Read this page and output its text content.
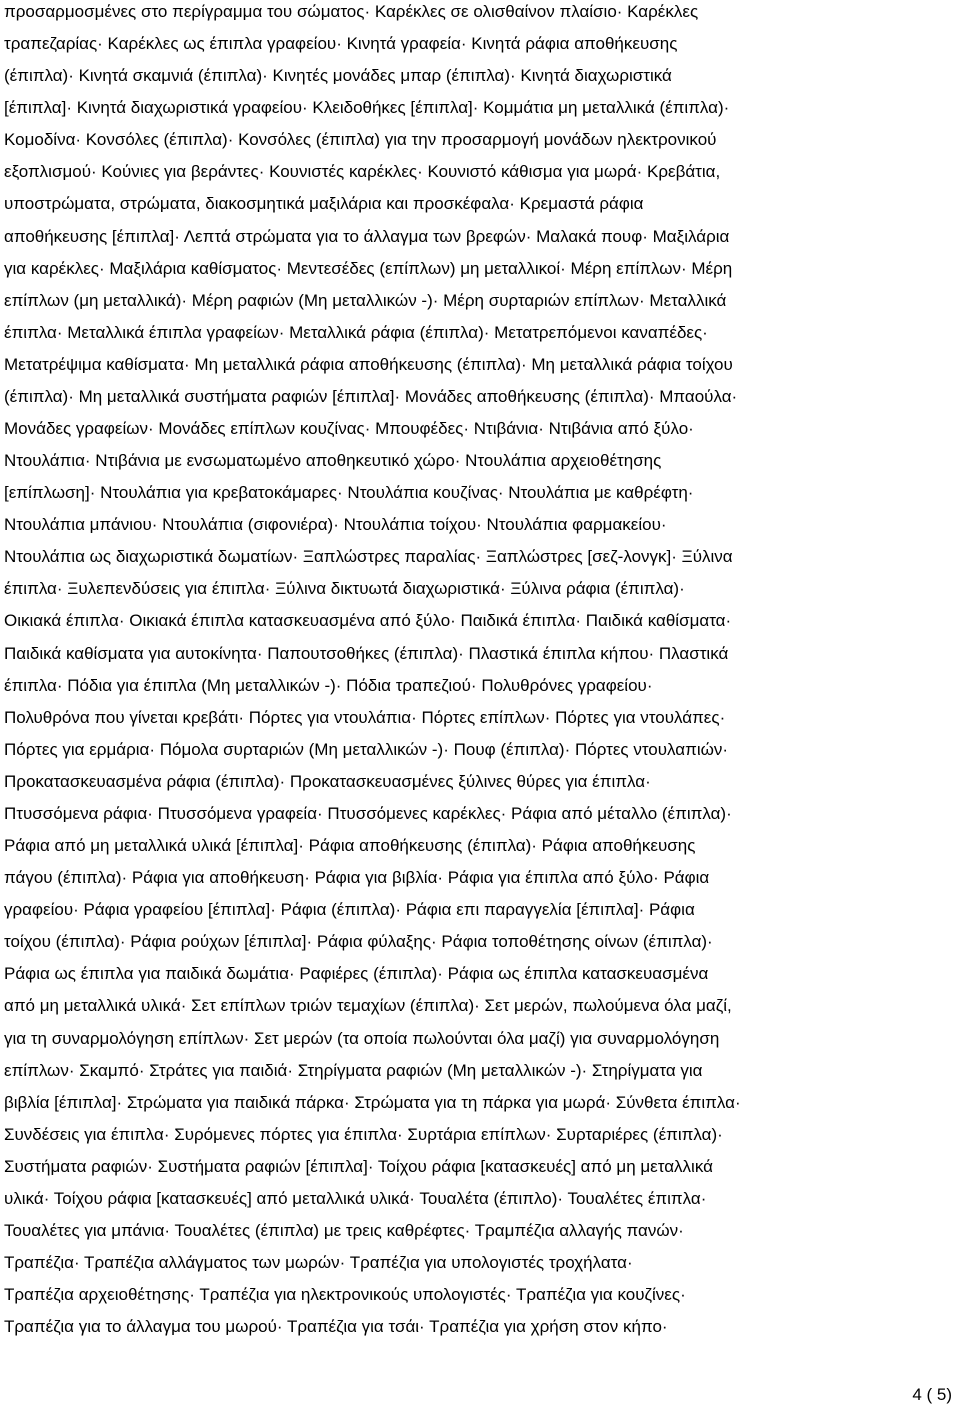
προσαρμοσμένες στο περίγραμμα του σώματος· Καρέκλες σε ολισθαίνον πλαίσιο· Καρέκλες
τραπεζαρίας· Καρέκλες ως έπιπλα γραφείου· Κινητά γραφεία· Κινητά ράφια αποθήκευσης
(έπιπλα)· Κινητά σκαμνιά (έπιπλα)· Κινητές μονάδες μπαρ (έπιπλα)· Κινητά διαχωριστικά
[έπιπλα]· Κινητά διαχωριστικά γραφείου· Κλειδοθήκες [έπιπλα]· Κομμάτια μη μεταλλικά (έπιπλα)·
Κομοδίνα· Κονσόλες (έπιπλα)· Κονσόλες (έπιπλα) για την προσαρμογή μονάδων ηλεκτρονικού
εξοπλισμού· Κούνιες για βεράντες· Κουνιστές καρέκλες· Κουνιστό κάθισμα για μωρά· Κρεβάτια,
υποστρώματα, στρώματα, διακοσμητικά μαξιλάρια και προσκέφαλα· Κρεμαστά ράφια
αποθήκευσης [έπιπλα]· Λεπτά στρώματα για το άλλαγμα των βρεφών· Μαλακά πουφ· Μαξιλάρια
για καρέκλες· Μαξιλάρια καθίσματος· Μεντεσέδες (επίπλων) μη μεταλλικοί· Μέρη επίπλων· Μέρη
επίπλων (μη μεταλλικά)· Μέρη ραφιών (Μη μεταλλικών -)· Μέρη συρταριών επίπλων· Μεταλλικά
έπιπλα· Μεταλλικά έπιπλα γραφείων· Μεταλλικά ράφια (έπιπλα)· Μετατρεπόμενοι καναπέδες·
Μετατρέψιμα καθίσματα· Μη μεταλλικά ράφια αποθήκευσης (έπιπλα)· Μη μεταλλικά ράφια τοίχου
(έπιπλα)· Μη μεταλλικά συστήματα ραφιών [έπιπλα]· Μονάδες αποθήκευσης (έπιπλα)· Μπαούλα·
Μονάδες γραφείων· Μονάδες επίπλων κουζίνας· Μπουφέδες· Ντιβάνια· Ντιβάνια από ξύλο·
Ντουλάπια· Ντιβάνια με ενσωματωμένο αποθηκευτικό χώρο· Ντουλάπια αρχειοθέτησης
[επίπλωση]· Ντουλάπια για κρεβατοκάμαρες· Ντουλάπια κουζίνας· Ντουλάπια με καθρέφτη·
Ντουλάπια μπάνιου· Ντουλάπια (σιφονιέρα)· Ντουλάπια τοίχου· Ντουλάπια φαρμακείου·
Ντουλάπια ως διαχωριστικά δωματίων· Ξαπλώστρες παραλίας· Ξαπλώστρες [σεζ-λονγκ]· Ξύλινα
έπιπλα· Ξυλεπενδύσεις για έπιπλα· Ξύλινα δικτυωτά διαχωριστικά· Ξύλινα ράφια (έπιπλα)·
Οικιακά έπιπλα· Οικιακά έπιπλα κατασκευασμένα από ξύλο· Παιδικά έπιπλα· Παιδικά καθίσματα·
Παιδικά καθίσματα για αυτοκίνητα· Παπουτσοθήκες (έπιπλα)· Πλαστικά έπιπλα κήπου· Πλαστικά
έπιπλα· Πόδια για έπιπλα (Μη μεταλλικών -)· Πόδια τραπεζιού· Πολυθρόνες γραφείου·
Πολυθρόνα που γίνεται κρεβάτι· Πόρτες για ντουλάπια· Πόρτες επίπλων· Πόρτες για ντουλάπες·
Πόρτες για ερμάρια· Πόμολα συρταριών (Μη μεταλλικών -)· Πουφ (έπιπλα)· Πόρτες ντουλαπιών·
Προκατασκευασμένα ράφια (έπιπλα)· Προκατασκευασμένες ξύλινες θύρες για έπιπλα·
Πτυσσόμενα ράφια· Πτυσσόμενα γραφεία· Πτυσσόμενες καρέκλες· Ράφια από μέταλλο (έπιπλα)·
Ράφια από μη μεταλλικά υλικά [έπιπλα]· Ράφια αποθήκευσης (έπιπλα)· Ράφια αποθήκευσης
πάγου (έπιπλα)· Ράφια για αποθήκευση· Ράφια για βιβλία· Ράφια για έπιπλα από ξύλο· Ράφια
γραφείου· Ράφια γραφείου [έπιπλα]· Ράφια (έπιπλα)· Ράφια επι παραγγελία [έπιπλα]· Ράφια
τοίχου (έπιπλα)· Ράφια ρούχων [έπιπλα]· Ράφια φύλαξης· Ράφια τοποθέτησης οίνων (έπιπλα)·
Ράφια ως έπιπλα για παιδικά δωμάτια· Ραφιέρες (έπιπλα)· Ράφια ως έπιπλα κατασκευασμένα
από μη μεταλλικά υλικά· Σετ επίπλων τριών τεμαχίων (έπιπλα)· Σετ μερών, πωλούμενα όλα μαζί,
για τη συναρμολόγηση επίπλων· Σετ μερών (τα οποία πωλούνται όλα μαζί) για συναρμολόγηση
επίπλων· Σκαμπό· Στράτες για παιδιά· Στηρίγματα ραφιών (Μη μεταλλικών -)· Στηρίγματα για
βιβλία [έπιπλα]· Στρώματα για παιδικά πάρκα· Στρώματα για τη πάρκα για μωρά· Σύνθετα έπιπλα·
Συνδέσεις για έπιπλα· Συρόμενες πόρτες για έπιπλα· Συρτάρια επίπλων· Συρταριέρες (έπιπλα)·
Συστήματα ραφιών· Συστήματα ραφιών [έπιπλα]· Τοίχου ράφια [κατασκευές] από μη μεταλλικά
υλικά· Τοίχου ράφια [κατασκευές] από μεταλλικά υλικά· Τουαλέτα (έπιπλο)· Τουαλέτες έπιπλα·
Τουαλέτες για μπάνια· Τουαλέτες (έπιπλα) με τρεις καθρέφτες· Τραμπέζια αλλαγής πανών·
Τραπέζια· Τραπέζια αλλάγματος των μωρών· Τραπέζια για υπολογιστές τροχήλατα·
Τραπέζια αρχειοθέτησης· Τραπέζια για ηλεκτρονικούς υπολογιστές· Τραπέζια για κουζίνες·
Τραπέζια για το άλλαγμα του μωρού· Τραπέζια για τσάι· Τραπέζια για χρήση στον κήπο·
4 ( 5)
